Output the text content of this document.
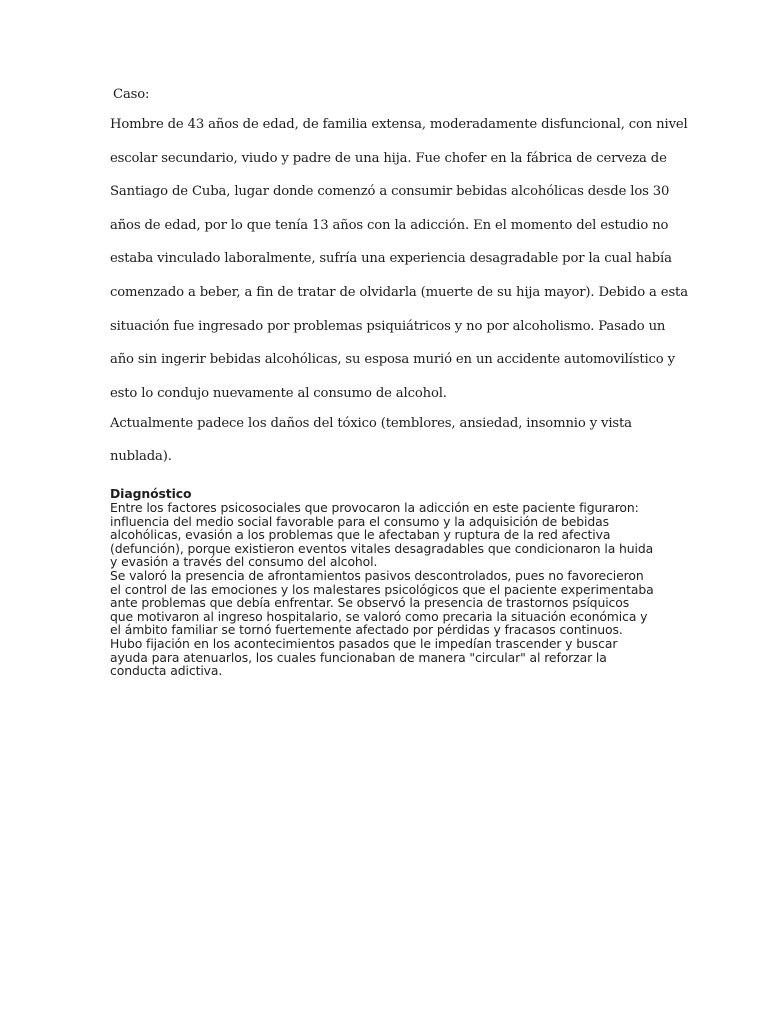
Caso:

Hombre de 43 años de edad, de familia extensa, moderadamente disfuncional, con nivel
escolar secundario, viudo y padre de una hija. Fue chofer en la fábrica de cerveza de
Santiago de Cuba, lugar donde comenzó a consumir bebidas alcohólicas desde los 30
años de edad, por lo que tenía 13 años con la adicción. En el momento del estudio no
estaba vinculado laboralmente, sufría una experiencia desagradable por la cual había
comenzado a beber, a fin de tratar de olvidarla (muerte de su hija mayor). Debido a esta
situación fue ingresado por problemas psiquiátricos y no por alcoholismo. Pasado un
año sin ingerir bebidas alcohólicas, su esposa murió en un accidente automovilístico y
esto lo condujo nuevamente al consumo de alcohol.
Actualmente padece los daños del tóxico (temblores, ansiedad, insomnio y vista
nublada).

Diagnóstico

Entre los factores psicosociales que provocaron la adicción en este paciente figuraron:
influencia del medio social favorable para el consumo y la adquisición de bebidas
alcohólicas, evasión a los problemas que le afectaban y ruptura de la red afectiva
(defunción), porque existieron eventos vitales desagradables que condicionaron la huida
y evasión a través del consumo del alcohol.
Se valoró la presencia de afrontamientos pasivos descontrolados, pues no favorecieron
el control de las emociones y los malestares psicológicos que el paciente experimentaba
ante problemas que debía enfrentar. Se observó la presencia de trastornos psíquicos
que motivaron al ingreso hospitalario, se valoró como precaria la situación económica y
el ámbito familiar se tornó fuertemente afectado por pérdidas y fracasos continuos.
Hubo fijación en los acontecimientos pasados que le impedían trascender y buscar
ayuda para atenuarlos, los cuales funcionaban de manera "circular" al reforzar la
conducta adictiva.
